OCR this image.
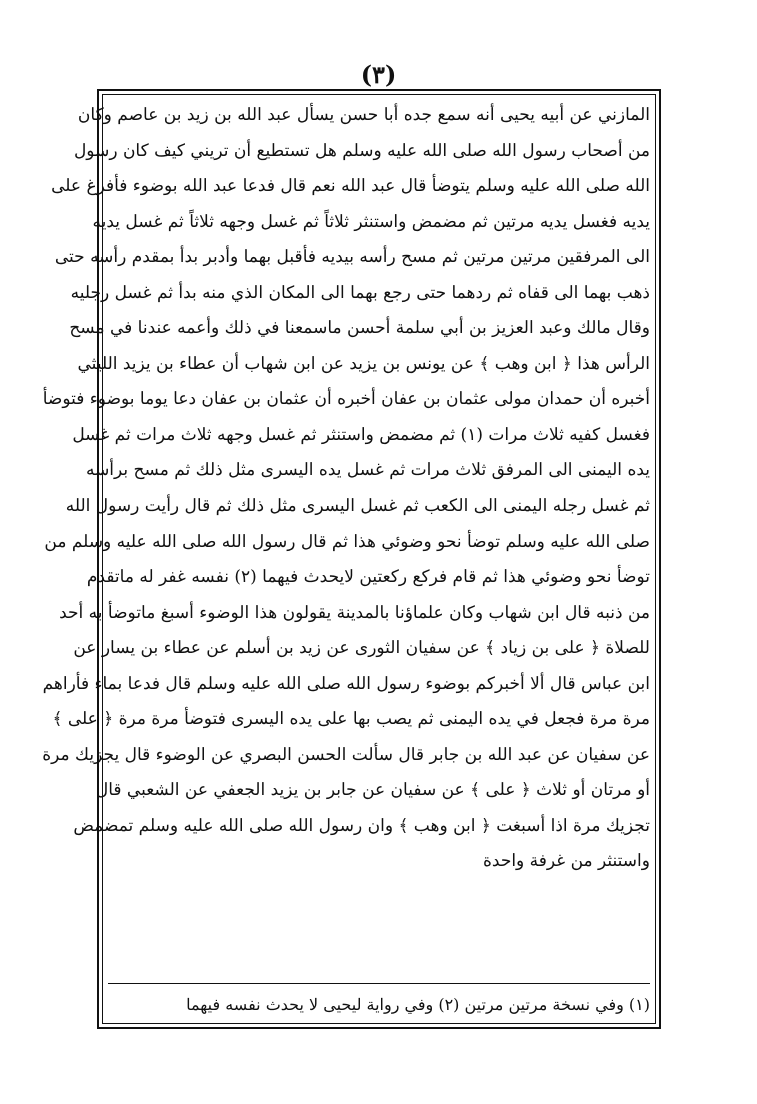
(٣)
المازني عن أبيه يحيى أنه سمع جده أبا حسن يسأل عبد الله بن زيد بن عاصم وكان
من أصحاب رسول الله صلى الله عليه وسلم هل تستطيع أن تريني كيف كان رسول
الله صلى الله عليه وسلم يتوضأ قال عبد الله نعم قال فدعا عبد الله بوضوء فأفرغ على
يديه فغسل يديه مرتين ثم مضمض واستنثر ثلاثاً ثم غسل وجهه ثلاثاً ثم غسل يديه
الى المرفقين مرتين مرتين ثم مسح رأسه بيديه فأقبل بهما وأدبر بدأ بمقدم رأسه حتى
ذهب بهما الى قفاه ثم ردهما حتى رجع بهما الى المكان الذي منه بدأ ثم غسل رجليه
وقال مالك وعبد العزيز بن أبي سلمة أحسن ماسمعنا في ذلك وأعمه عندنا في مسح
الرأس هذا ﴿ ابن وهب ﴾ عن يونس بن يزيد عن ابن شهاب أن عطاء بن يزيد الليثي
أخبره أن حمدان مولى عثمان بن عفان أخبره أن عثمان بن عفان دعا يوما بوضوء فتوضأ
فغسل كفيه ثلاث مرات (١) ثم مضمض واستنثر ثم غسل وجهه ثلاث مرات ثم غسل
يده اليمنى الى المرفق ثلاث مرات ثم غسل يده اليسرى مثل ذلك ثم مسح برأسه
ثم غسل رجله اليمنى الى الكعب ثم غسل اليسرى مثل ذلك ثم قال رأيت رسول الله
صلى الله عليه وسلم توضأ نحو وضوئي هذا ثم قال رسول الله صلى الله عليه وسلم من
توضأ نحو وضوئي هذا ثم قام فركع ركعتين لايحدث فيهما (٢) نفسه غفر له ماتقدم
من ذنبه قال ابن شهاب وكان علماؤنا بالمدينة يقولون هذا الوضوء أسبغ ماتوضأ به أحد
للصلاة ﴿ على بن زياد ﴾ عن سفيان الثورى عن زيد بن أسلم عن عطاء بن يسار عن
ابن عباس قال ألا أخبركم بوضوء رسول الله صلى الله عليه وسلم قال فدعا بماء فأراهم
مرة مرة فجعل في يده اليمنى ثم يصب بها على يده اليسرى فتوضأ مرة مرة ﴿ على ﴾
عن سفيان عن عبد الله بن جابر قال سألت الحسن البصري عن الوضوء قال يجزيك مرة
أو مرتان أو ثلاث ﴿ على ﴾ عن سفيان عن جابر بن يزيد الجعفي عن الشعبي قال
تجزيك مرة اذا أسبغت ﴿ ابن وهب ﴾ وان رسول الله صلى الله عليه وسلم تمضمض
واستنثر من غرفة واحدة
(١) وفي نسخة مرتين مرتين (٢) وفي رواية ليحيى لا يحدث نفسه فيهما
